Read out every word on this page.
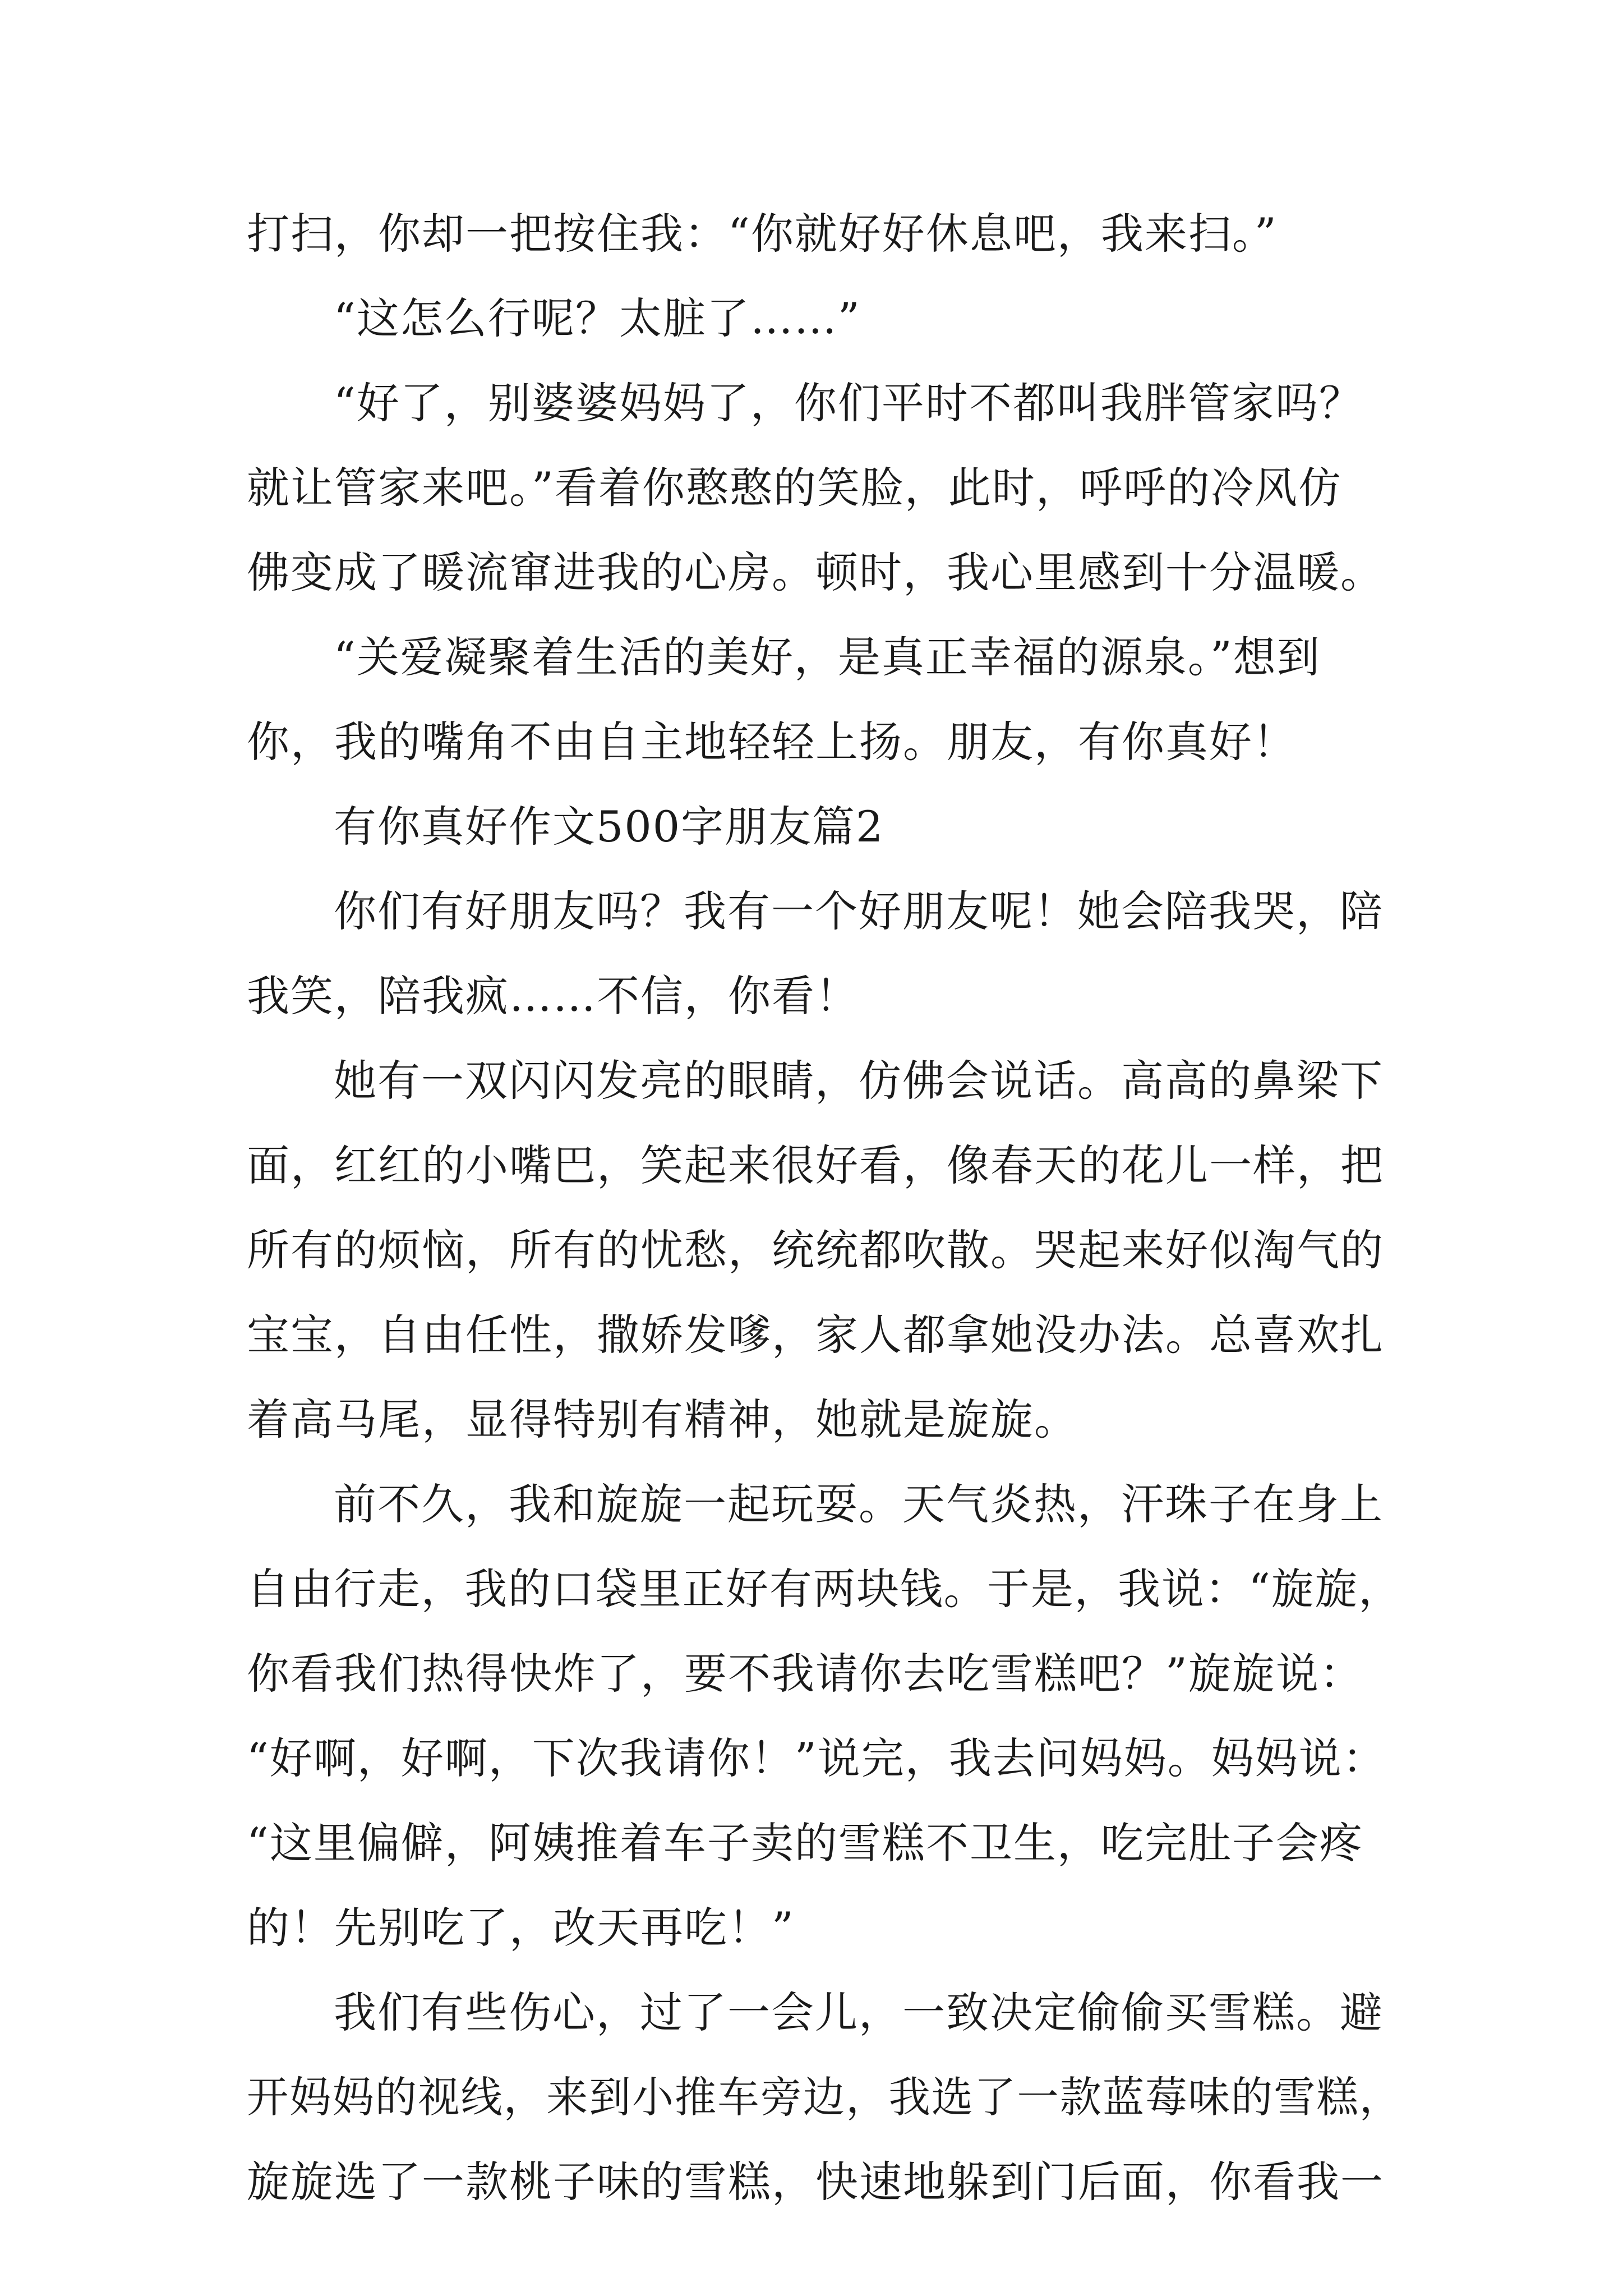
打扫，你却一把按住我：“你就好好休息吧，我来扫。”
“这怎么行呢？太脏了……”
“好了，别婆婆妈妈了，你们平时不都叫我胖管家吗？
就让管家来吧。”看着你憨憨的笑脸，此时，呼呼的冷风仿
佛变成了暖流窜进我的心房。顿时，我心里感到十分温暖。
“关爱凝聚着生活的美好，是真正幸福的源泉。”想到
你，我的嘴角不由自主地轻轻上扬。朋友，有你真好！
有你真好作文500字朋友篇2
你们有好朋友吗？我有一个好朋友呢！她会陪我哭，陪
我笑，陪我疯……不信，你看！
她有一双闪闪发亮的眼睛，仿佛会说话。高高的鼻梁下
面，红红的小嘴巴，笑起来很好看，像春天的花儿一样，把
所有的烦恼，所有的忧愁，统统都吹散。哭起来好似淘气的
宝宝，自由任性，撒娇发嗲，家人都拿她没办法。总喜欢扎
着高马尾，显得特别有精神，她就是旋旋。
前不久，我和旋旋一起玩耍。天气炎热，汗珠子在身上
自由行走，我的口袋里正好有两块钱。于是，我说：“旋旋，
你看我们热得快炸了，要不我请你去吃雪糕吧？”旋旋说：
“好啊，好啊，下次我请你！”说完，我去问妈妈。妈妈说：
“这里偏僻，阿姨推着车子卖的雪糕不卫生，吃完肚子会疼
的！先别吃了，改天再吃！”
我们有些伤心，过了一会儿，一致决定偷偷买雪糕。避
开妈妈的视线，来到小推车旁边，我选了一款蓝莓味的雪糕，
旋旋选了一款桃子味的雪糕，快速地躲到门后面，你看我一
